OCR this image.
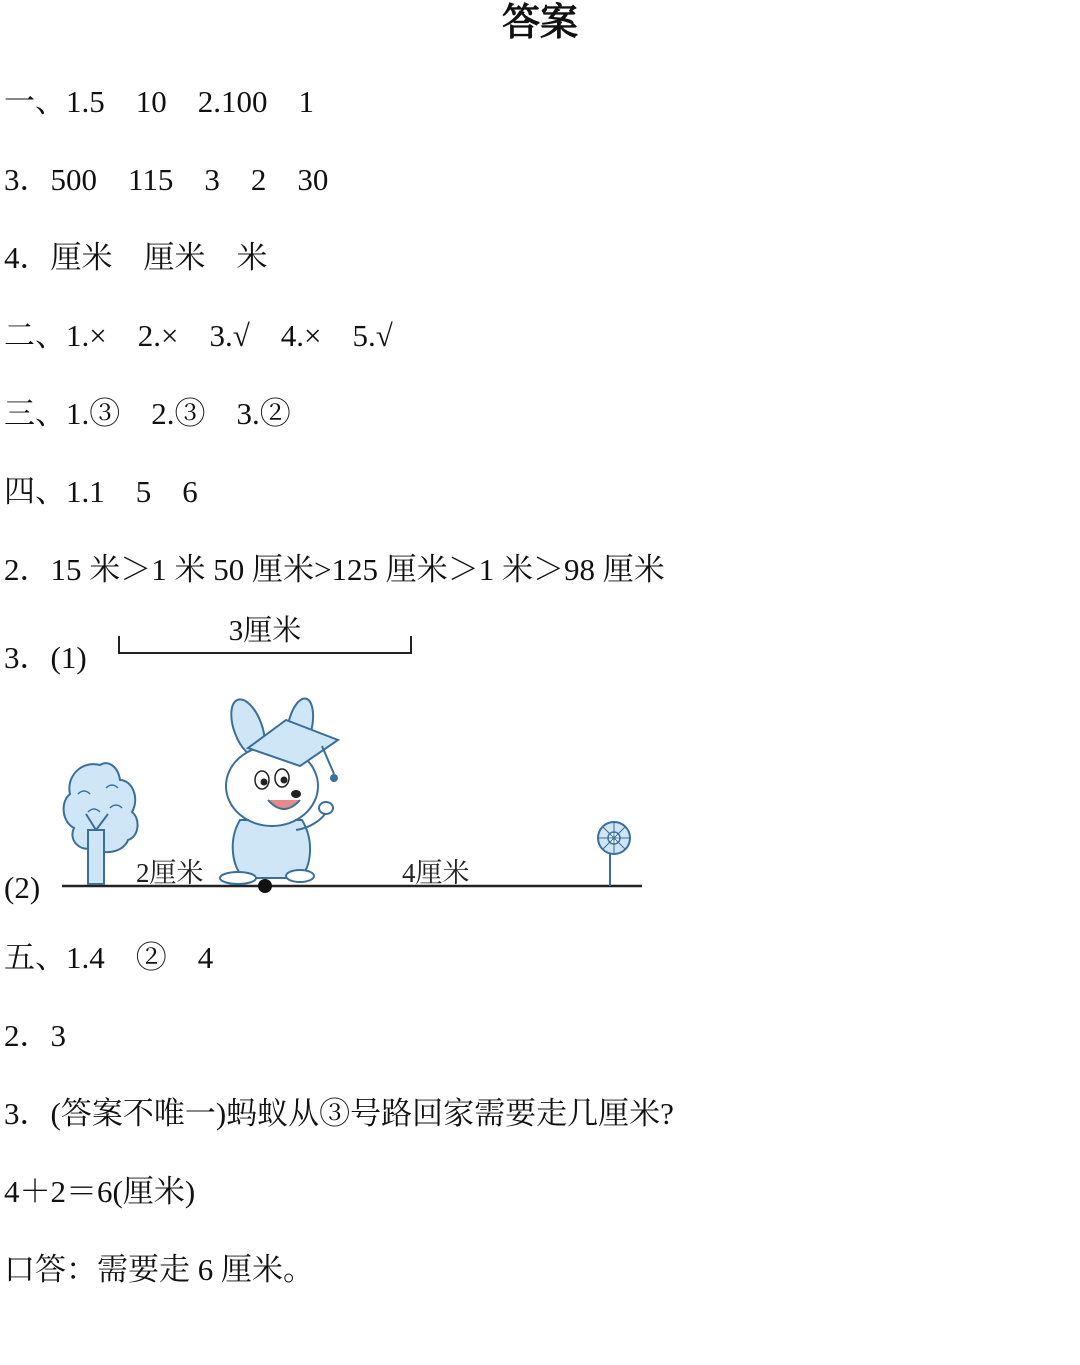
答案
一、1.5　10　2.100　1
3．500　115　3　2　30
4．厘米　厘米　米
二、1.×　2.×　3.√　4.×　5.√
三、1.③　2.③　3.②
四、1.1　5　6
2．15 米＞1 米 50 厘米>125 厘米＞1 米＞98 厘米
3．(1)
3厘米
(2)	2厘米	4厘米
五、1.4　②　4
2．3
3．(答案不唯一)蚂蚁从③号路回家需要走几厘米?
4＋2＝6(厘米)
口答：需要走 6 厘米。
